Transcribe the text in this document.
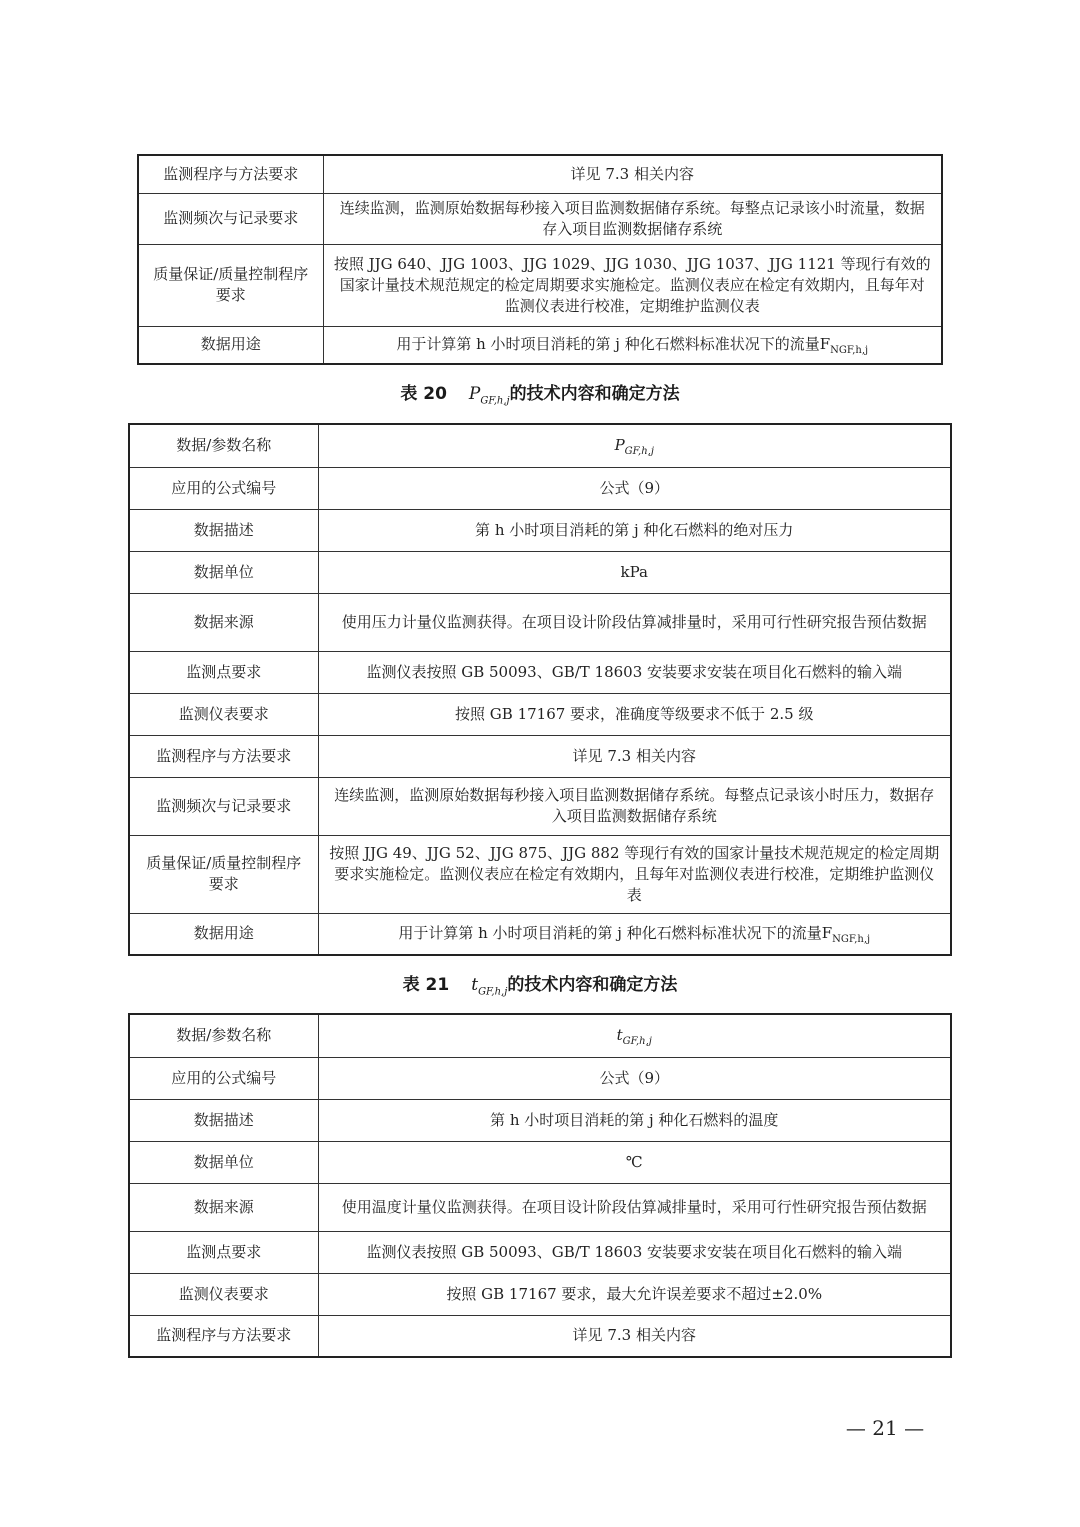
监测程序与方法要求	详见 7.3 相关内容
监测频次与记录要求	连续监测，监测原始数据每秒接入项目监测数据储存系统。每整点记录该小时流量，数据存入项目监测数据储存系统
质量保证/质量控制程序要求	按照 JJG 640、JJG 1003、JJG 1029、JJG 1030、JJG 1037、JJG 1121 等现行有效的国家计量技术规范规定的检定周期要求实施检定。监测仪表应在检定有效期内，且每年对监测仪表进行校准，定期维护监测仪表
数据用途	用于计算第 h 小时项目消耗的第 j 种化石燃料标准状况下的流量$F_{NGF,h,j}$
表 20 $P_{GF,h,j}$的技术内容和确定方法
数据/参数名称	$P_{GF,h,j}$
应用的公式编号	公式（9）
数据描述	第 h 小时项目消耗的第 j 种化石燃料的绝对压力
数据单位	kPa
数据来源	使用压力计量仪监测获得。在项目设计阶段估算减排量时，采用可行性研究报告预估数据
监测点要求	监测仪表按照 GB 50093、GB/T 18603 安装要求安装在项目化石燃料的输入端
监测仪表要求	按照 GB 17167 要求，准确度等级要求不低于 2.5 级
监测程序与方法要求	详见 7.3 相关内容
监测频次与记录要求	连续监测，监测原始数据每秒接入项目监测数据储存系统。每整点记录该小时压力，数据存入项目监测数据储存系统
质量保证/质量控制程序要求	按照 JJG 49、JJG 52、JJG 875、JJG 882 等现行有效的国家计量技术规范规定的检定周期要求实施检定。监测仪表应在检定有效期内，且每年对监测仪表进行校准，定期维护监测仪表
数据用途	用于计算第 h 小时项目消耗的第 j 种化石燃料标准状况下的流量$F_{NGF,h,j}$
表 21 $t_{GF,h,j}$的技术内容和确定方法
数据/参数名称	$t_{GF,h,j}$
应用的公式编号	公式（9）
数据描述	第 h 小时项目消耗的第 j 种化石燃料的温度
数据单位	℃
数据来源	使用温度计量仪监测获得。在项目设计阶段估算减排量时，采用可行性研究报告预估数据
监测点要求	监测仪表按照 GB 50093、GB/T 18603 安装要求安装在项目化石燃料的输入端
监测仪表要求	按照 GB 17167 要求，最大允许误差要求不超过±2.0%
监测程序与方法要求	详见 7.3 相关内容
— 21 —
